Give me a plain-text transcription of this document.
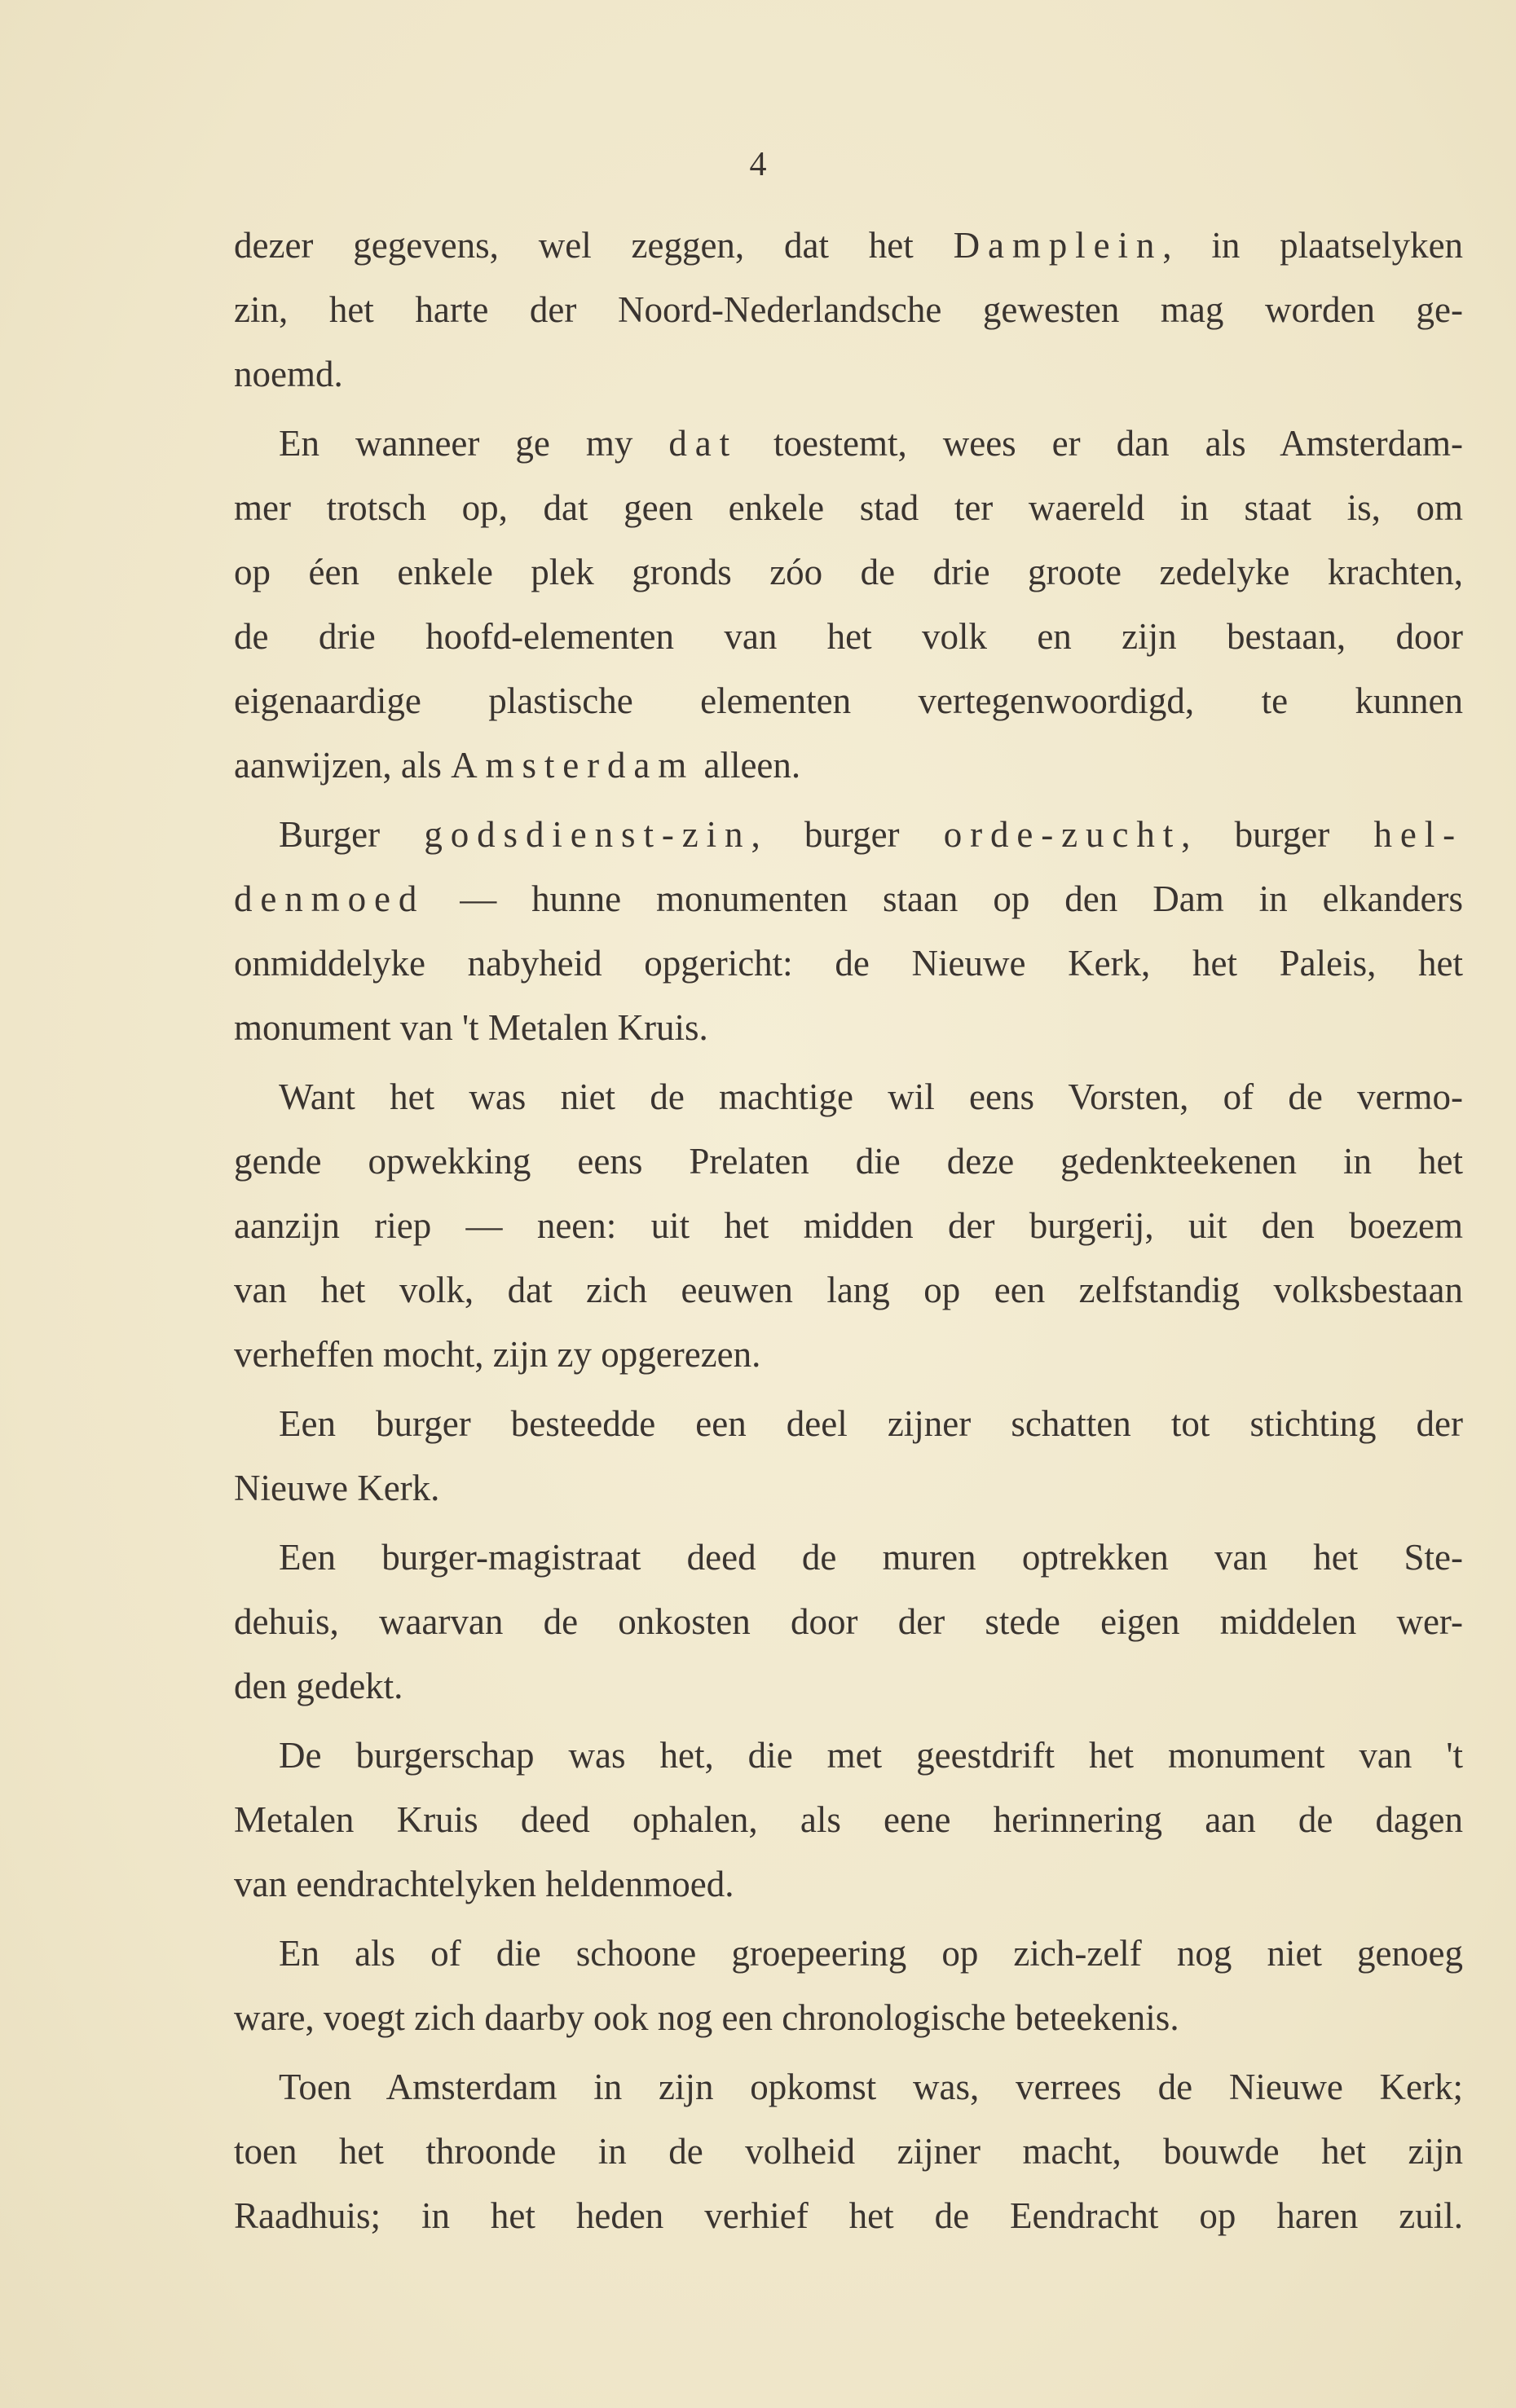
4
dezer gegevens, wel zeggen, dat het Damplein, in plaatselyken
zin, het harte der Noord-Nederlandsche gewesten mag worden ge-
noemd.
En wanneer ge my dat toestemt, wees er dan als Amsterdam-
mer trotsch op, dat geen enkele stad ter waereld in staat is, om
op éen enkele plek gronds zóo de drie groote zedelyke krachten,
de drie hoofd-elementen van het volk en zijn bestaan, door
eigenaardige plastische elementen vertegenwoordigd, te kunnen
aanwijzen, als Amsterdam alleen.
Burger godsdienst-zin, burger orde-zucht, burger hel-
denmoed — hunne monumenten staan op den Dam in elkanders
onmiddelyke nabyheid opgericht: de Nieuwe Kerk, het Paleis, het
monument van 't Metalen Kruis.
Want het was niet de machtige wil eens Vorsten, of de vermo-
gende opwekking eens Prelaten die deze gedenkteekenen in het
aanzijn riep — neen: uit het midden der burgerij, uit den boezem
van het volk, dat zich eeuwen lang op een zelfstandig volksbestaan
verheffen mocht, zijn zy opgerezen.
Een burger besteedde een deel zijner schatten tot stichting der
Nieuwe Kerk.
Een burger-magistraat deed de muren optrekken van het Ste-
dehuis, waarvan de onkosten door der stede eigen middelen wer-
den gedekt.
De burgerschap was het, die met geestdrift het monument van 't
Metalen Kruis deed ophalen, als eene herinnering aan de dagen
van eendrachtelyken heldenmoed.
En als of die schoone groepeering op zich-zelf nog niet genoeg
ware, voegt zich daarby ook nog een chronologische beteekenis.
Toen Amsterdam in zijn opkomst was, verrees de Nieuwe Kerk;
toen het throonde in de volheid zijner macht, bouwde het zijn
Raadhuis; in het heden verhief het de Eendracht op haren zuil.
